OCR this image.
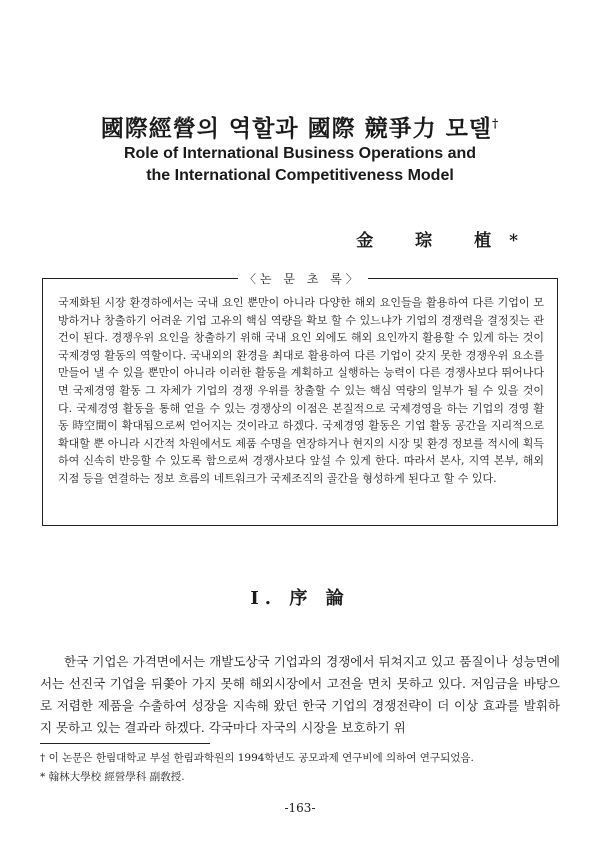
國際經營의 역할과 國際 競爭力 모델†
Role of International Business Operations and
the International Competitiveness Model
金 琮 植*
〈논 문 초 록〉
국제화된 시장 환경하에서는 국내 요인 뿐만이 아니라 다양한 해외 요인들을 활용하여 다른 기업이 모방하거나 창출하기 어려운 기업 고유의 핵심 역량을 확보 할 수 있느냐가 기업의 경쟁력을 결정짓는 관건이 된다. 경쟁우위 요인을 창출하기 위해 국내 요인 외에도 해외 요인까지 활용할 수 있게 하는 것이 국제경영 활동의 역할이다. 국내외의 환경을 최대로 활용하여 다른 기업이 갖지 못한 경쟁우위 요소를 만들어 낼 수 있을 뿐만이 아니라 이러한 활동을 계획하고 실행하는 능력이 다른 경쟁사보다 뛰어나다면 국제경영 활동 그 자체가 기업의 경쟁 우위를 창출할 수 있는 핵심 역량의 일부가 될 수 있을 것이다. 국제경영 활동을 통해 얻을 수 있는 경쟁상의 이점은 본질적으로 국제경영을 하는 기업의 경영 활동 時空間이 확대됨으로써 얻어지는 것이라고 하겠다. 국제경영 활동은 기업 활동 공간을 지리적으로 확대할 뿐 아니라 시간적 차원에서도 제품 수명을 연장하거나 현지의 시장 및 환경 정보를 적시에 획득하여 신속히 반응할 수 있도록 함으로써 경쟁사보다 앞설 수 있게 한다. 따라서 본사, 지역 본부, 해외지점 등을 연결하는 정보 흐름의 네트워크가 국제조직의 골간을 형성하게 된다고 할 수 있다.
I. 序 論
한국 기업은 가격면에서는 개발도상국 기업과의 경쟁에서 뒤쳐지고 있고 품질이나 성능면에서는 선진국 기업을 뒤쫓아 가지 못해 해외시장에서 고전을 면치 못하고 있다. 저임금을 바탕으로 저렴한 제품을 수출하여 성장을 지속해 왔던 한국 기업의 경쟁전략이 더 이상 효과를 발휘하지 못하고 있는 결과라 하겠다. 각국마다 자국의 시장을 보호하기 위
† 이 논문은 한림대학교 부설 한림과학원의 1994학년도 공모과제 연구비에 의하여 연구되었음.
* 翰林大學校 經營學科 副敎授.
-163-
